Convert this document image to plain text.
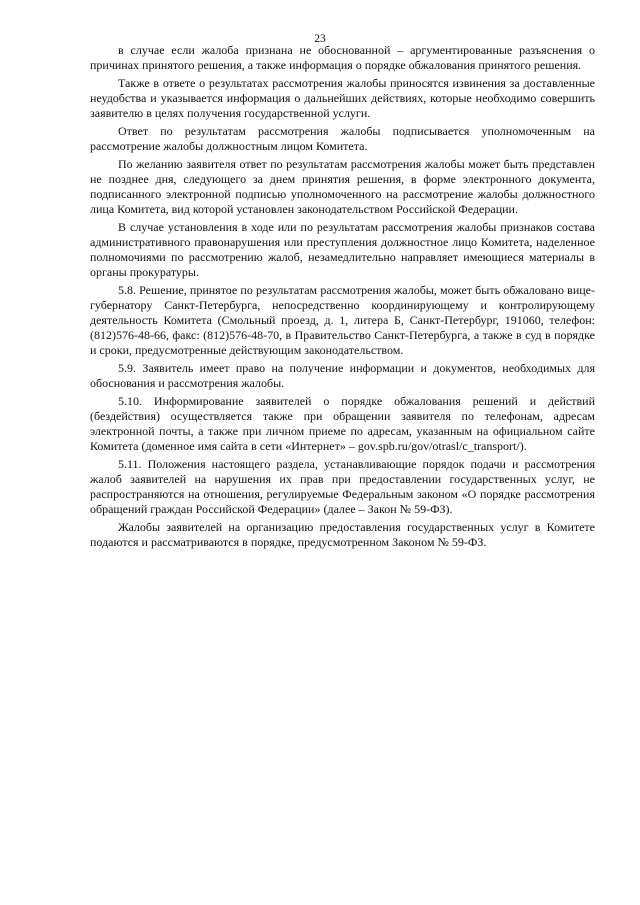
23

в случае если жалоба признана не обоснованной – аргументированные разъяснения о причинах принятого решения, а также информация о порядке обжалования принятого решения.

Также в ответе о результатах рассмотрения жалобы приносятся извинения за доставленные неудобства и указывается информация о дальнейших действиях, которые необходимо совершить заявителю в целях получения государственной услуги.

Ответ по результатам рассмотрения жалобы подписывается уполномоченным на рассмотрение жалобы должностным лицом Комитета.

По желанию заявителя ответ по результатам рассмотрения жалобы может быть представлен не позднее дня, следующего за днем принятия решения, в форме электронного документа, подписанного электронной подписью уполномоченного на рассмотрение жалобы должностного лица Комитета, вид которой установлен законодательством Российской Федерации.

В случае установления в ходе или по результатам рассмотрения жалобы признаков состава административного правонарушения или преступления должностное лицо Комитета, наделенное полномочиями по рассмотрению жалоб, незамедлительно направляет имеющиеся материалы в органы прокуратуры.

5.8. Решение, принятое по результатам рассмотрения жалобы, может быть обжаловано вице-губернатору Санкт-Петербурга, непосредственно координирующему и контролирующему деятельность Комитета (Смольный проезд, д. 1, литера Б, Санкт-Петербург, 191060, телефон: (812)576-48-66, факс: (812)576-48-70, в Правительство Санкт-Петербурга, а также в суд в порядке и сроки, предусмотренные действующим законодательством.

5.9. Заявитель имеет право на получение информации и документов, необходимых для обоснования и рассмотрения жалобы.

5.10. Информирование заявителей о порядке обжалования решений и действий (бездействия) осуществляется также при обращении заявителя по телефонам, адресам электронной почты, а также при личном приеме по адресам, указанным на официальном сайте Комитета (доменное имя сайта в сети «Интернет» – gov.spb.ru/gov/otrasl/c_transport/).

5.11. Положения настоящего раздела, устанавливающие порядок подачи и рассмотрения жалоб заявителей на нарушения их прав при предоставлении государственных услуг, не распространяются на отношения, регулируемые Федеральным законом «О порядке рассмотрения обращений граждан Российской Федерации» (далее – Закон № 59-ФЗ).

Жалобы заявителей на организацию предоставления государственных услуг в Комитете подаются и рассматриваются в порядке, предусмотренном Законом № 59-ФЗ.
